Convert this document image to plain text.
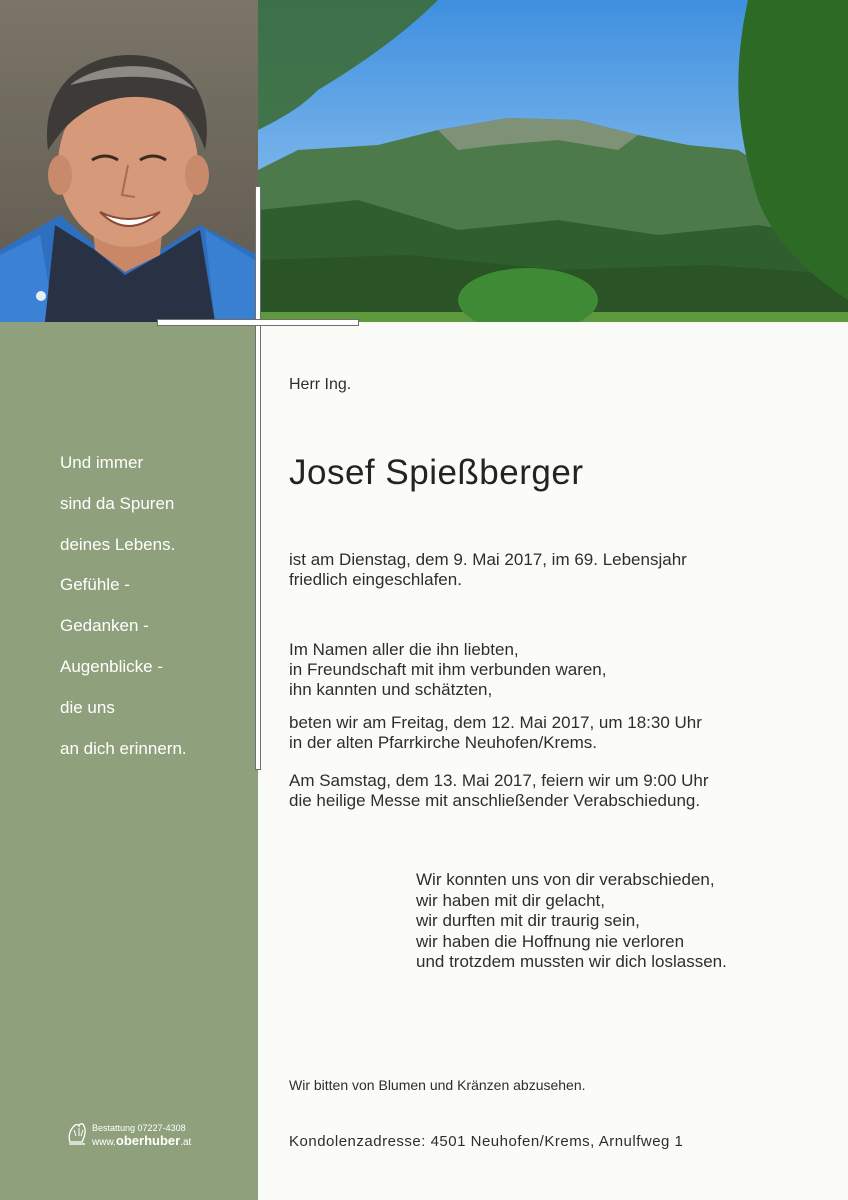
Und immer
sind da Spuren
deines Lebens.
Gefühle -
Gedanken -
Augenblicke -
die uns
an dich erinnern.
Herr Ing.
Josef Spießberger
ist am Dienstag, dem 9. Mai 2017, im 69. Lebensjahr
friedlich eingeschlafen.
Im Namen aller die ihn liebten,
in Freundschaft mit ihm verbunden waren,
ihn kannten und schätzten,
beten wir am Freitag, dem 12. Mai 2017, um 18:30 Uhr
in der alten Pfarrkirche Neuhofen/Krems.
Am Samstag, dem 13. Mai 2017, feiern wir um 9:00 Uhr
die heilige Messe mit anschließender Verabschiedung.
Wir konnten uns von dir verabschieden,
wir haben mit dir gelacht,
wir durften mit dir traurig sein,
wir haben die Hoffnung nie verloren
und trotzdem mussten wir dich loslassen.
Wir bitten von Blumen und Kränzen abzusehen.
Kondolenzadresse: 4501 Neuhofen/Krems, Arnulfweg 1
Bestattung 07227-4308
www.oberhuber.at
